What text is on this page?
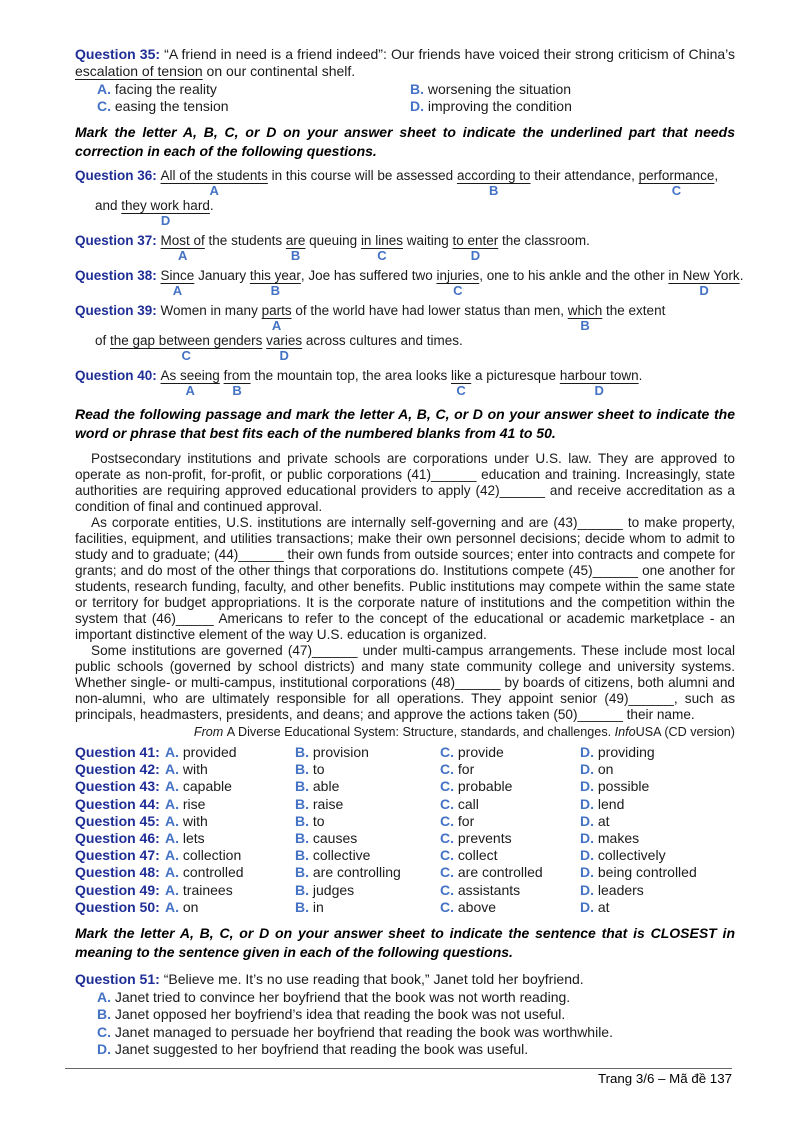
Question 35: “A friend in need is a friend indeed”: Our friends have voiced their strong criticism of China’s escalation of tension on our continental shelf.
A. facing the reality	B. worsening the situation
C. easing the tension	D. improving the condition

Mark the letter A, B, C, or D on your answer sheet to indicate the underlined part that needs correction in each of the following questions.

Question 36: All of the students
A
in this course will be assessed according to
B
their attendance, performance
C
,
and they work hard
D
.
Question 37: Most of
A
the students are
B
queuing in lines
C
waiting to enter
D
the classroom.
Question 38: Since
A
January this year
B
, Joe has suffered two injuries
C
, one to his ankle and the other in New York
D
.
Question 39: Women in many parts
A
of the world have had lower status than men, which
B
the extent
of the gap between genders
C

varies
D
across cultures and times.
Question 40: As seeing
A

from
B
the mountain top, the area looks like
C
a picturesque harbour town
D
.

Read the following passage and mark the letter A, B, C, or D on your answer sheet to indicate the word or phrase that best fits each of the numbered blanks from 41 to 50.

Postsecondary institutions and private schools are corporations under U.S. law. They are approved to operate as non-profit, for-profit, or public corporations (41)______ education and training. Increasingly, state authorities are requiring approved educational providers to apply (42)______ and receive accreditation as a condition of final and continued approval.

As corporate entities, U.S. institutions are internally self-governing and are (43)______ to make property, facilities, equipment, and utilities transactions; make their own personnel decisions; decide whom to admit to study and to graduate; (44)______ their own funds from outside sources; enter into contracts and compete for grants; and do most of the other things that corporations do. Institutions compete (45)______ one another for students, research funding, faculty, and other benefits. Public institutions may compete within the same state or territory for budget appropriations. It is the corporate nature of institutions and the competition within the system that (46)_____ Americans to refer to the concept of the educational or academic marketplace - an important distinctive element of the way U.S. education is organized.

Some institutions are governed (47)______ under multi-campus arrangements. These include most local public schools (governed by school districts) and many state community college and university systems. Whether single- or multi-campus, institutional corporations (48)______ by boards of citizens, both alumni and non-alumni, who are ultimately responsible for all operations. They appoint senior (49)______, such as principals, headmasters, presidents, and deans; and approve the actions taken (50)______ their name.

From A Diverse Educational System: Structure, standards, and challenges. InfoUSA (CD version)

Question 41: A. provided	B. provision	C. provide	D. providing
Question 42: A. with	B. to	C. for	D. on
Question 43: A. capable	B. able	C. probable	D. possible
Question 44: A. rise	B. raise	C. call	D. lend
Question 45: A. with	B. to	C. for	D. at
Question 46: A. lets	B. causes	C. prevents	D. makes
Question 47: A. collection	B. collective	C. collect	D. collectively
Question 48: A. controlled	B. are controlling	C. are controlled	D. being controlled
Question 49: A. trainees	B. judges	C. assistants	D. leaders
Question 50: A. on	B. in	C. above	D. at

Mark the letter A, B, C, or D on your answer sheet to indicate the sentence that is CLOSEST in meaning to the sentence given in each of the following questions.

Question 51: “Believe me. It’s no use reading that book,” Janet told her boyfriend.

A. Janet tried to convince her boyfriend that the book was not worth reading.
B. Janet opposed her boyfriend’s idea that reading the book was not useful.
C. Janet managed to persuade her boyfriend that reading the book was worthwhile.
D. Janet suggested to her boyfriend that reading the book was useful.
Trang 3/6 – Mã đề 137
